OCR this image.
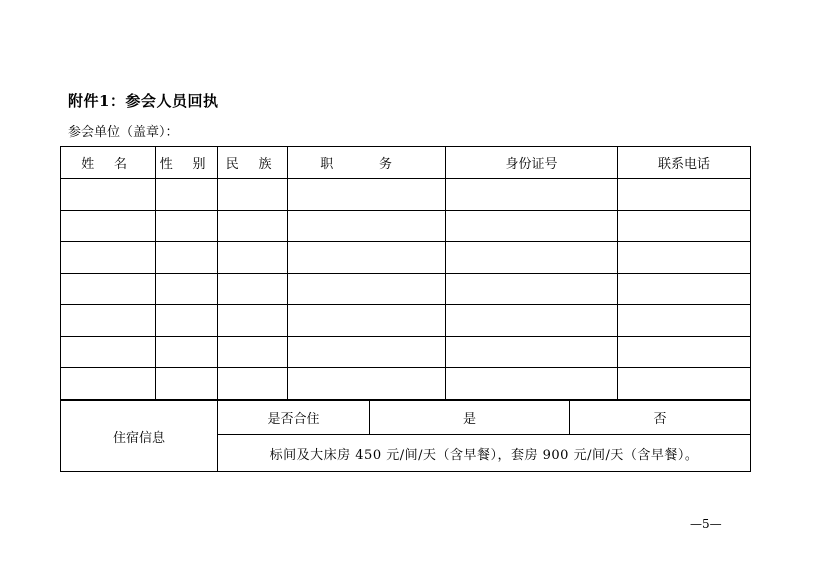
附件1：参会人员回执
参会单位（盖章）：
姓 名	性 别	民 族	职 务	身份证号	联系电话

住宿信息	是否合住	是	否
标间及大床房 450 元/间/天（含早餐），套房 900 元/间/天（含早餐）。
—5—
